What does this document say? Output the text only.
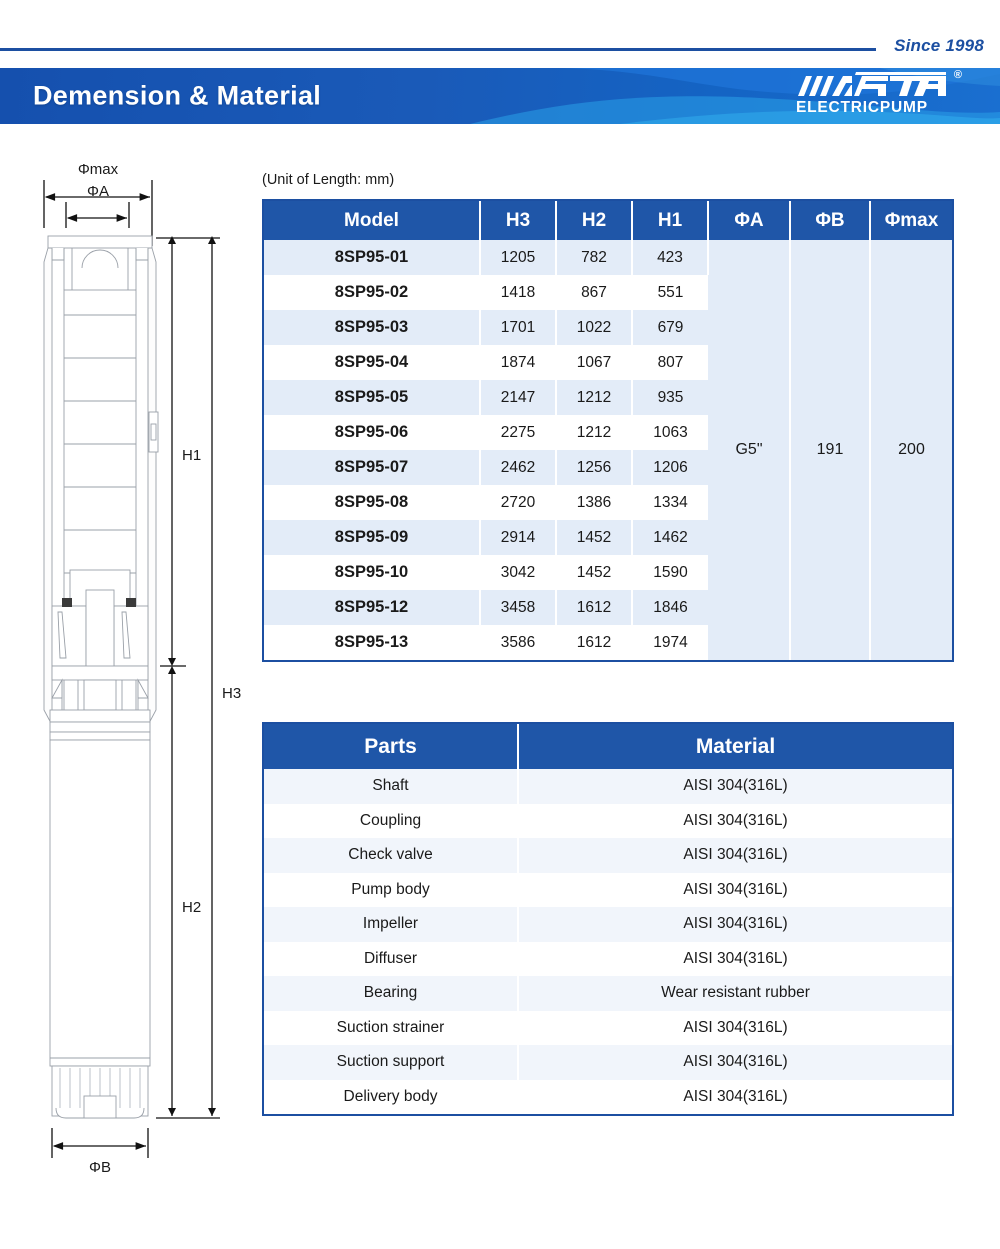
Since 1998
Demension & Material
®
ELECTRICPUMP
Φmax
ΦA
H1
H2
H3
ΦB
(Unit of Length: mm)
Model	H3	H2	H1	ΦA	ΦB	Φmax
8SP95-01	1205	782	423	G5"	191	200
8SP95-02	1418	867	551			
8SP95-03	1701	1022	679			
8SP95-04	1874	1067	807			
8SP95-05	2147	1212	935			
8SP95-06	2275	1212	1063			
8SP95-07	2462	1256	1206			
8SP95-08	2720	1386	1334			
8SP95-09	2914	1452	1462			
8SP95-10	3042	1452	1590			
8SP95-12	3458	1612	1846			
8SP95-13	3586	1612	1974			
Parts	Material
Shaft	AISI 304(316L)
Coupling	AISI 304(316L)
Check valve	AISI 304(316L)
Pump body	AISI 304(316L)
Impeller	AISI 304(316L)
Diffuser	AISI 304(316L)
Bearing	Wear resistant rubber
Suction strainer	AISI 304(316L)
Suction support	AISI 304(316L)
Delivery body	AISI 304(316L)
